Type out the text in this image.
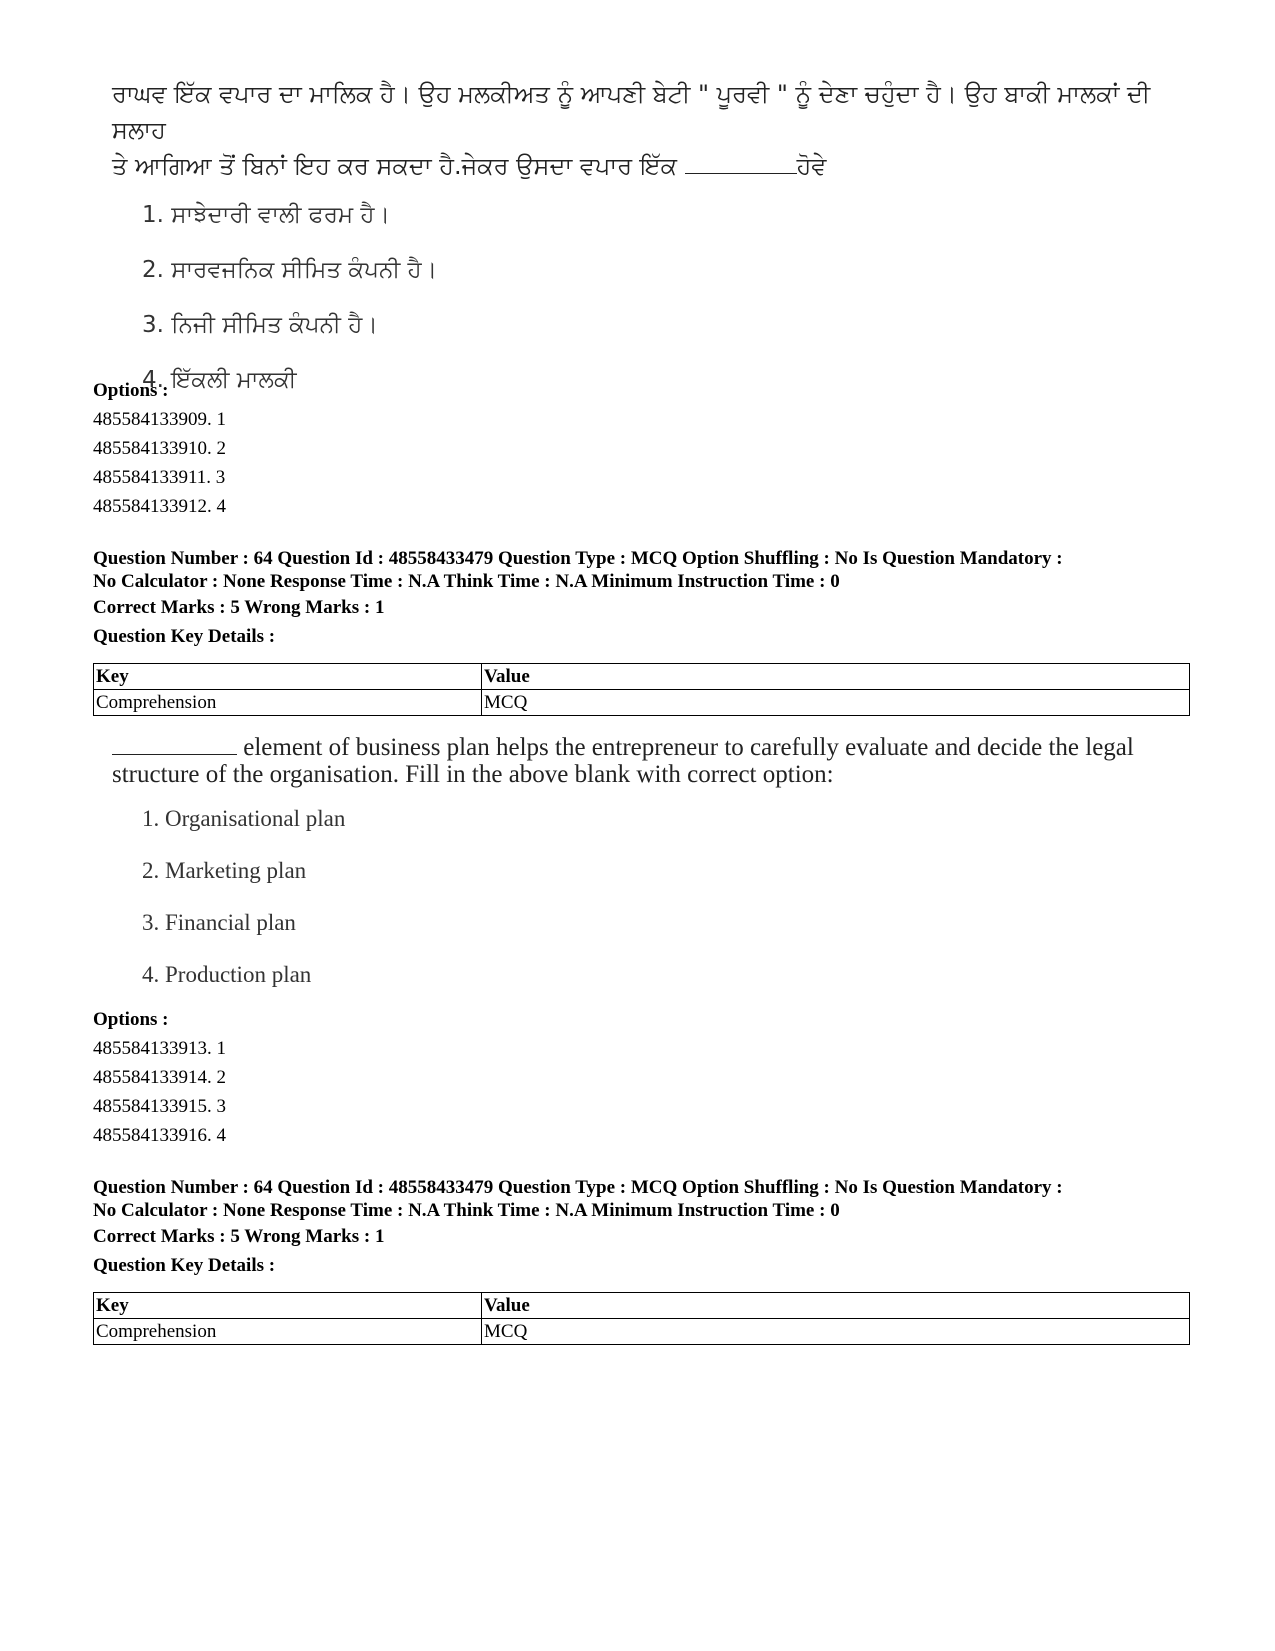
ਰਾਘਵ ਇੱਕ ਵਪਾਰ ਦਾ ਮਾਲਿਕ ਹੈ। ਉਹ ਮਲਕੀਅਤ ਨੂੰ ਆਪਣੀ ਬੇਟੀ " ਪੂਰਵੀ " ਨੂੰ ਦੇਣਾ ਚਹੁੰਦਾ ਹੈ। ਉਹ ਬਾਕੀ ਮਾਲਕਾਂ ਦੀ ਸਲਾਹ
ਤੇ ਆਗਿਆ ਤੋਂ ਬਿਨਾਂ ਇਹ ਕਰ ਸਕਦਾ ਹੈ.ਜੇਕਰ ਉਸਦਾ ਵਪਾਰ ਇੱਕ	ਹੋਵੇ
1. ਸਾਝੇਦਾਰੀ ਵਾਲੀ ਫਰਮ ਹੈ।
2. ਸਾਰਵਜਨਿਕ ਸੀਮਿਤ ਕੰਪਨੀ ਹੈ।
3. ਨਿਜੀ ਸੀਮਿਤ ਕੰਪਨੀ ਹੈ।
4. ਇੱਕਲੀ ਮਾਲਕੀ
Options :
485584133909. 1
485584133910. 2
485584133911. 3
485584133912. 4
Question Number : 64 Question Id : 48558433479 Question Type : MCQ Option Shuffling : No Is Question Mandatory :
No Calculator : None Response Time : N.A Think Time : N.A Minimum Instruction Time : 0
Correct Marks : 5 Wrong Marks : 1
Question Key Details :
Key	Value
Comprehension	MCQ
element of business plan helps the entrepreneur to carefully evaluate and decide the legal
structure of the organisation. Fill in the above blank with correct option:
1. Organisational plan
2. Marketing plan
3. Financial plan
4. Production plan
Options :
485584133913. 1
485584133914. 2
485584133915. 3
485584133916. 4
Question Number : 64 Question Id : 48558433479 Question Type : MCQ Option Shuffling : No Is Question Mandatory :
No Calculator : None Response Time : N.A Think Time : N.A Minimum Instruction Time : 0
Correct Marks : 5 Wrong Marks : 1
Question Key Details :
Key	Value
Comprehension	MCQ
